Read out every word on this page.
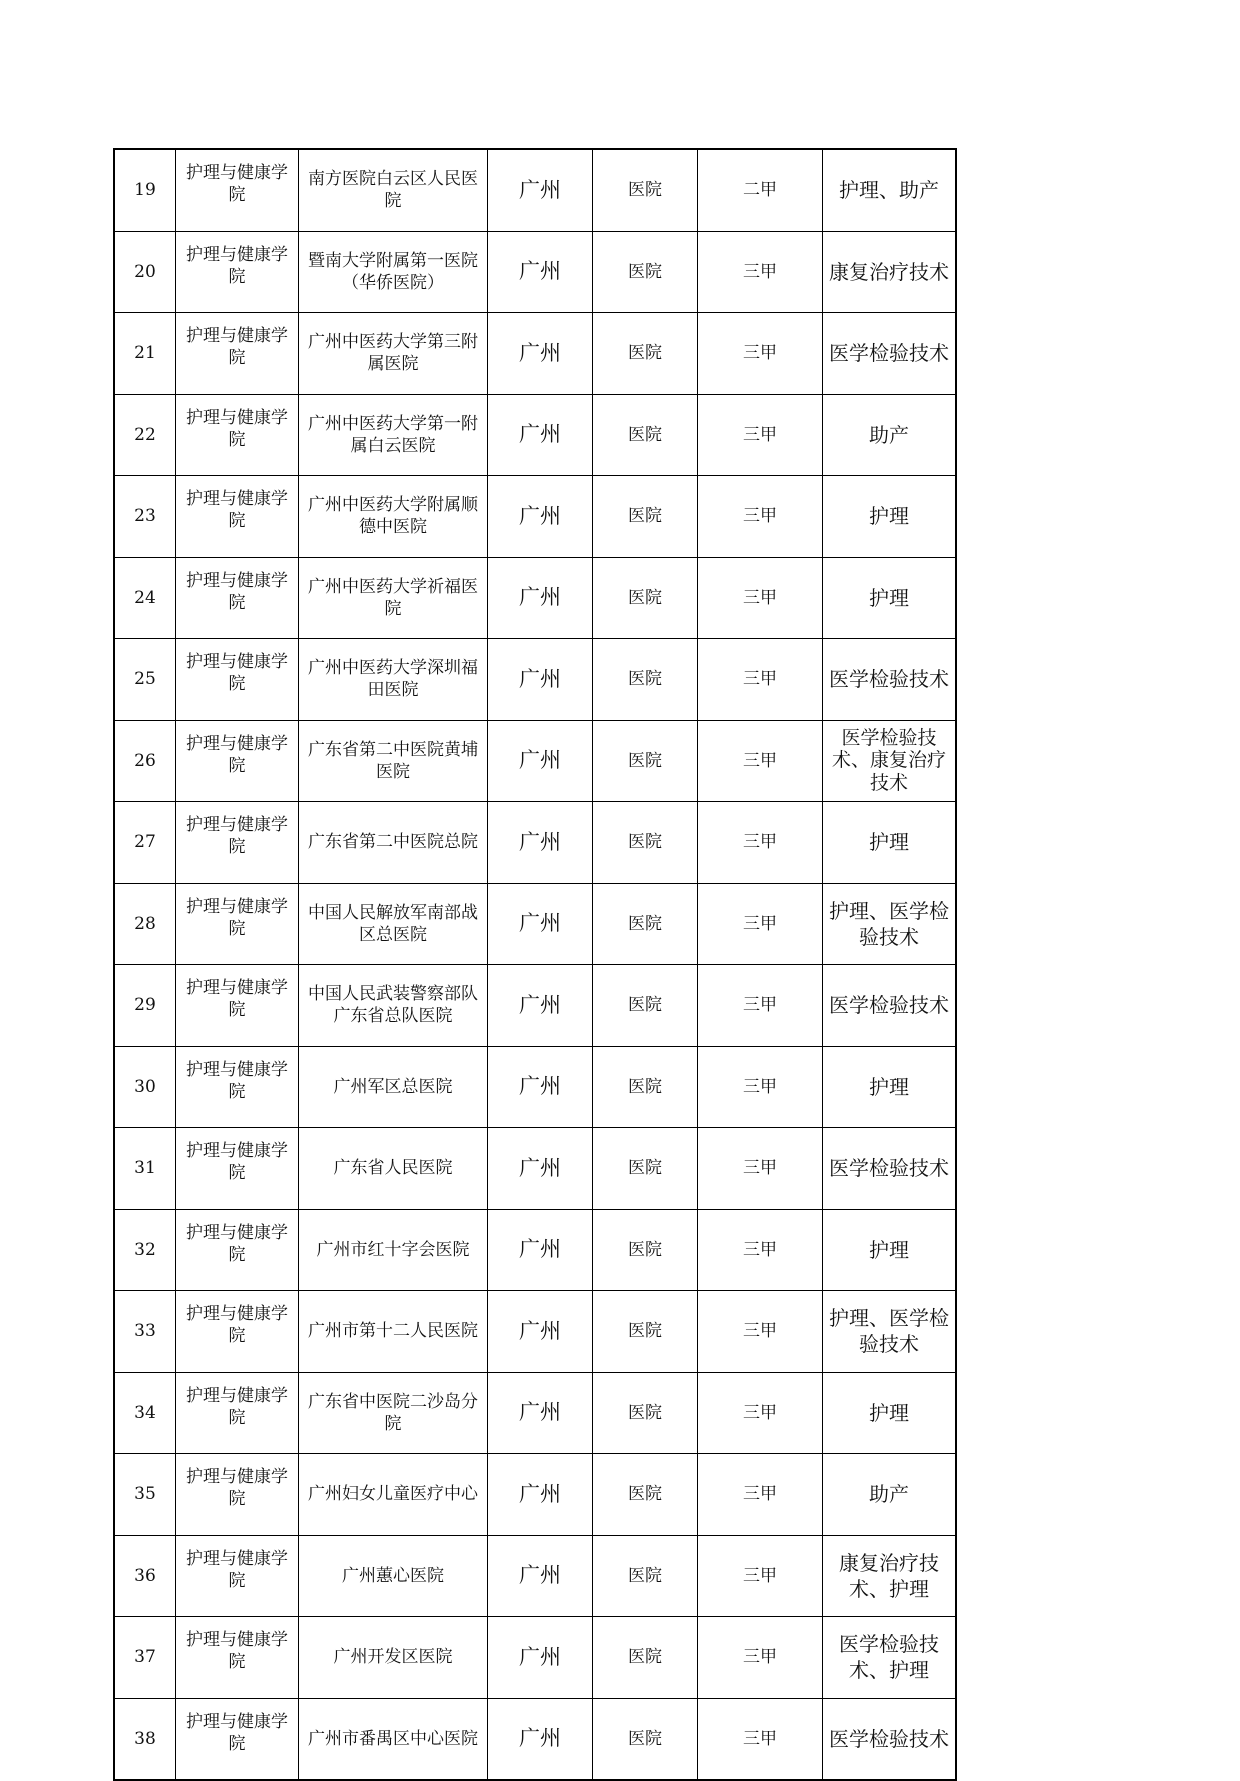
19	护理与健康学院	南方医院白云区人民医院	广州	医院	二甲	护理、助产
20	护理与健康学院	暨南大学附属第一医院（华侨医院）	广州	医院	三甲	康复治疗技术
21	护理与健康学院	广州中医药大学第三附属医院	广州	医院	三甲	医学检验技术
22	护理与健康学院	广州中医药大学第一附属白云医院	广州	医院	三甲	助产
23	护理与健康学院	广州中医药大学附属顺德中医院	广州	医院	三甲	护理
24	护理与健康学院	广州中医药大学祈福医院	广州	医院	三甲	护理
25	护理与健康学院	广州中医药大学深圳福田医院	广州	医院	三甲	医学检验技术
26	护理与健康学院	广东省第二中医院黄埔医院	广州	医院	三甲	医学检验技术、康复治疗技术
27	护理与健康学院	广东省第二中医院总院	广州	医院	三甲	护理
28	护理与健康学院	中国人民解放军南部战区总医院	广州	医院	三甲	护理、医学检验技术
29	护理与健康学院	中国人民武装警察部队广东省总队医院	广州	医院	三甲	医学检验技术
30	护理与健康学院	广州军区总医院	广州	医院	三甲	护理
31	护理与健康学院	广东省人民医院	广州	医院	三甲	医学检验技术
32	护理与健康学院	广州市红十字会医院	广州	医院	三甲	护理
33	护理与健康学院	广州市第十二人民医院	广州	医院	三甲	护理、医学检验技术
34	护理与健康学院	广东省中医院二沙岛分院	广州	医院	三甲	护理
35	护理与健康学院	广州妇女儿童医疗中心	广州	医院	三甲	助产
36	护理与健康学院	广州蕙心医院	广州	医院	三甲	康复治疗技术、护理
37	护理与健康学院	广州开发区医院	广州	医院	三甲	医学检验技术、护理
38	护理与健康学院	广州市番禺区中心医院	广州	医院	三甲	医学检验技术
